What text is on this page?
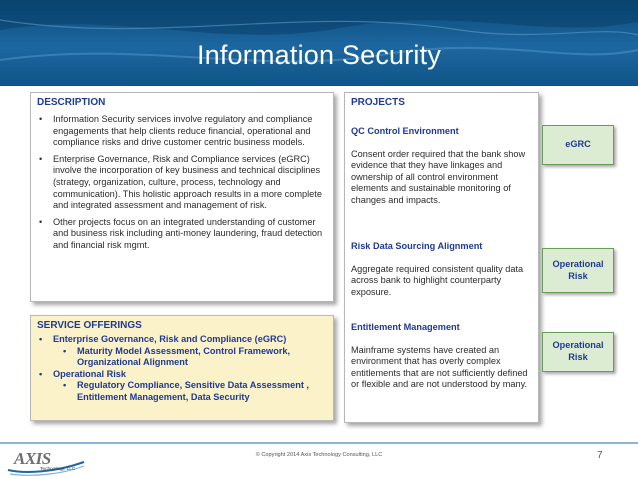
Information Security
DESCRIPTION
• Information Security services involve regulatory and compliance engagements that help clients reduce financial, operational and compliance risks and drive customer centric business models.
• Enterprise Governance, Risk and Compliance services (eGRC) involve the incorporation of key business and technical disciplines (strategy, organization, culture, process, technology and communication). This holistic approach results in a more complete and integrated assessment and management of risk.
• Other projects focus on an integrated understanding of customer and business risk including anti-money laundering, fraud detection and financial risk mgmt.
SERVICE OFFERINGS
• Enterprise Governance, Risk and Compliance (eGRC)
• Maturity Model Assessment, Control Framework, Organizational Alignment
• Operational Risk
• Regulatory Compliance, Sensitive Data Assessment , Entitlement Management, Data Security
PROJECTS
QC Control Environment
Consent order required that the bank show evidence that they have linkages and ownership of all control environment elements and sustainable monitoring of changes and impacts.
Risk Data Sourcing Alignment
Aggregate required consistent quality data across bank to highlight counterparty exposure.
Entitlement Management
Mainframe systems have created an environment that has overly complex entitlements that are not sufficiently defined or flexible and are not understood by many.
eGRC
Operational Risk
Operational Risk
AXIS
Technology, LLC
© Copyright 2014 Axis Technology Consulting, LLC	7
